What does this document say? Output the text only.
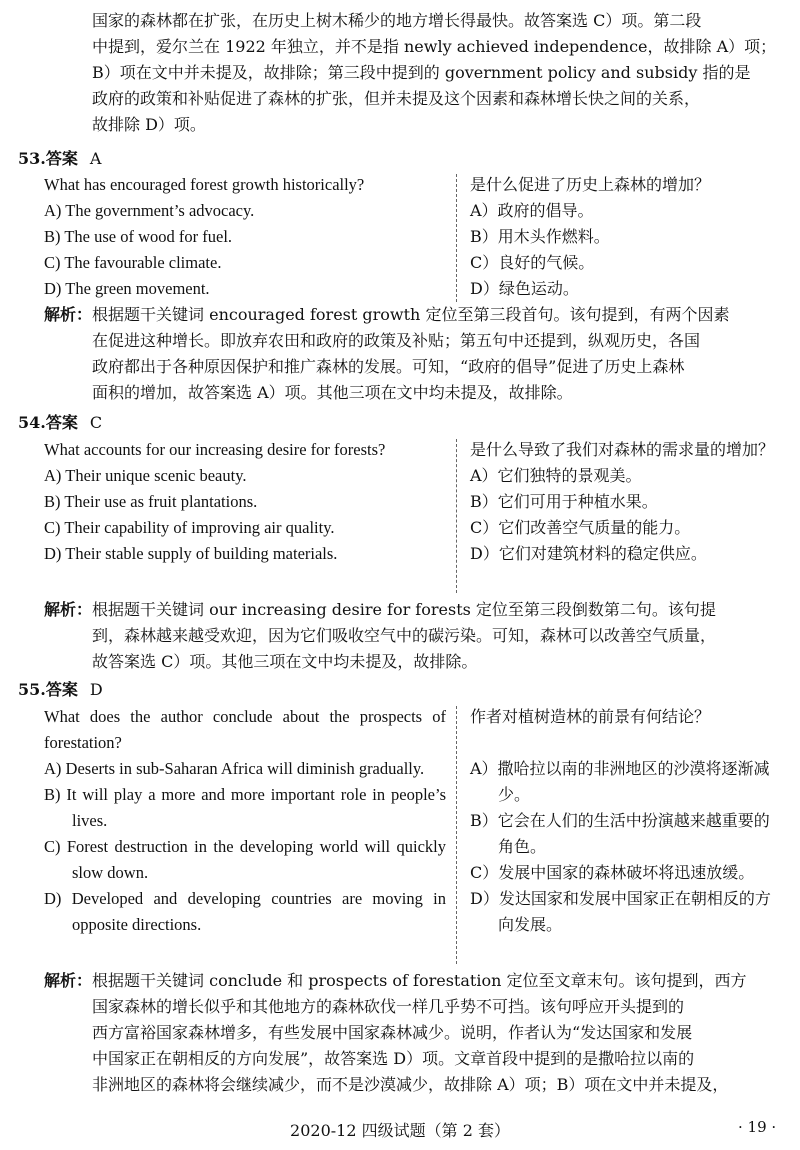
国家的森林都在扩张，在历史上树木稀少的地方增长得最快。故答案选 C）项。第二段
中提到，爱尔兰在 1922 年独立，并不是指 newly achieved independence，故排除 A）项；
B）项在文中并未提及，故排除；第三段中提到的 government policy and subsidy 指的是
政府的政策和补贴促进了森林的扩张，但并未提及这个因素和森林增长快之间的关系，
故排除 D）项。
53.答案 A
What has encouraged forest growth historically?
A) The government’s advocacy.
B) The use of wood for fuel.
C) The favourable climate.
D) The green movement.
是什么促进了历史上森林的增加？
A）政府的倡导。
B）用木头作燃料。
C）良好的气候。
D）绿色运动。
解析：根据题干关键词 encouraged forest growth 定位至第三段首句。该句提到，有两个因素
在促进这种增长。即放弃农田和政府的政策及补贴；第五句中还提到，纵观历史，各国
政府都出于各种原因保护和推广森林的发展。可知，“政府的倡导”促进了历史上森林
面积的增加，故答案选 A）项。其他三项在文中均未提及，故排除。
54.答案 C
What accounts for our increasing desire for forests?
A) Their unique scenic beauty.
B) Their use as fruit plantations.
C) Their capability of improving air quality.
D) Their stable supply of building materials.
是什么导致了我们对森林的需求量的增加？
A）它们独特的景观美。
B）它们可用于种植水果。
C）它们改善空气质量的能力。
D）它们对建筑材料的稳定供应。
解析：根据题干关键词 our increasing desire for forests 定位至第三段倒数第二句。该句提
到，森林越来越受欢迎，因为它们吸收空气中的碳污染。可知，森林可以改善空气质量，
故答案选 C）项。其他三项在文中均未提及，故排除。
55.答案 D
What does the author conclude about the prospects of forestation?
A) Deserts in sub-Saharan Africa will diminish gradually.
B) It will play a more and more important role in people’s lives.
C) Forest destruction in the developing world will quickly slow down.
D) Developed and developing countries are moving in opposite directions.
作者对植树造林的前景有何结论？
A）撒哈拉以南的非洲地区的沙漠将逐渐减少。
B）它会在人们的生活中扮演越来越重要的角色。
C）发展中国家的森林破坏将迅速放缓。
D）发达国家和发展中国家正在朝相反的方向发展。
解析：根据题干关键词 conclude 和 prospects of forestation 定位至文章末句。该句提到，西方
国家森林的增长似乎和其他地方的森林砍伐一样几乎势不可挡。该句呼应开头提到的
西方富裕国家森林增多，有些发展中国家森林减少。说明，作者认为“发达国家和发展
中国家正在朝相反的方向发展”，故答案选 D）项。文章首段中提到的是撒哈拉以南的
非洲地区的森林将会继续减少，而不是沙漠减少，故排除 A）项；B）项在文中并未提及，
2020-12 四级试题（第 2 套）	· 19 ·
